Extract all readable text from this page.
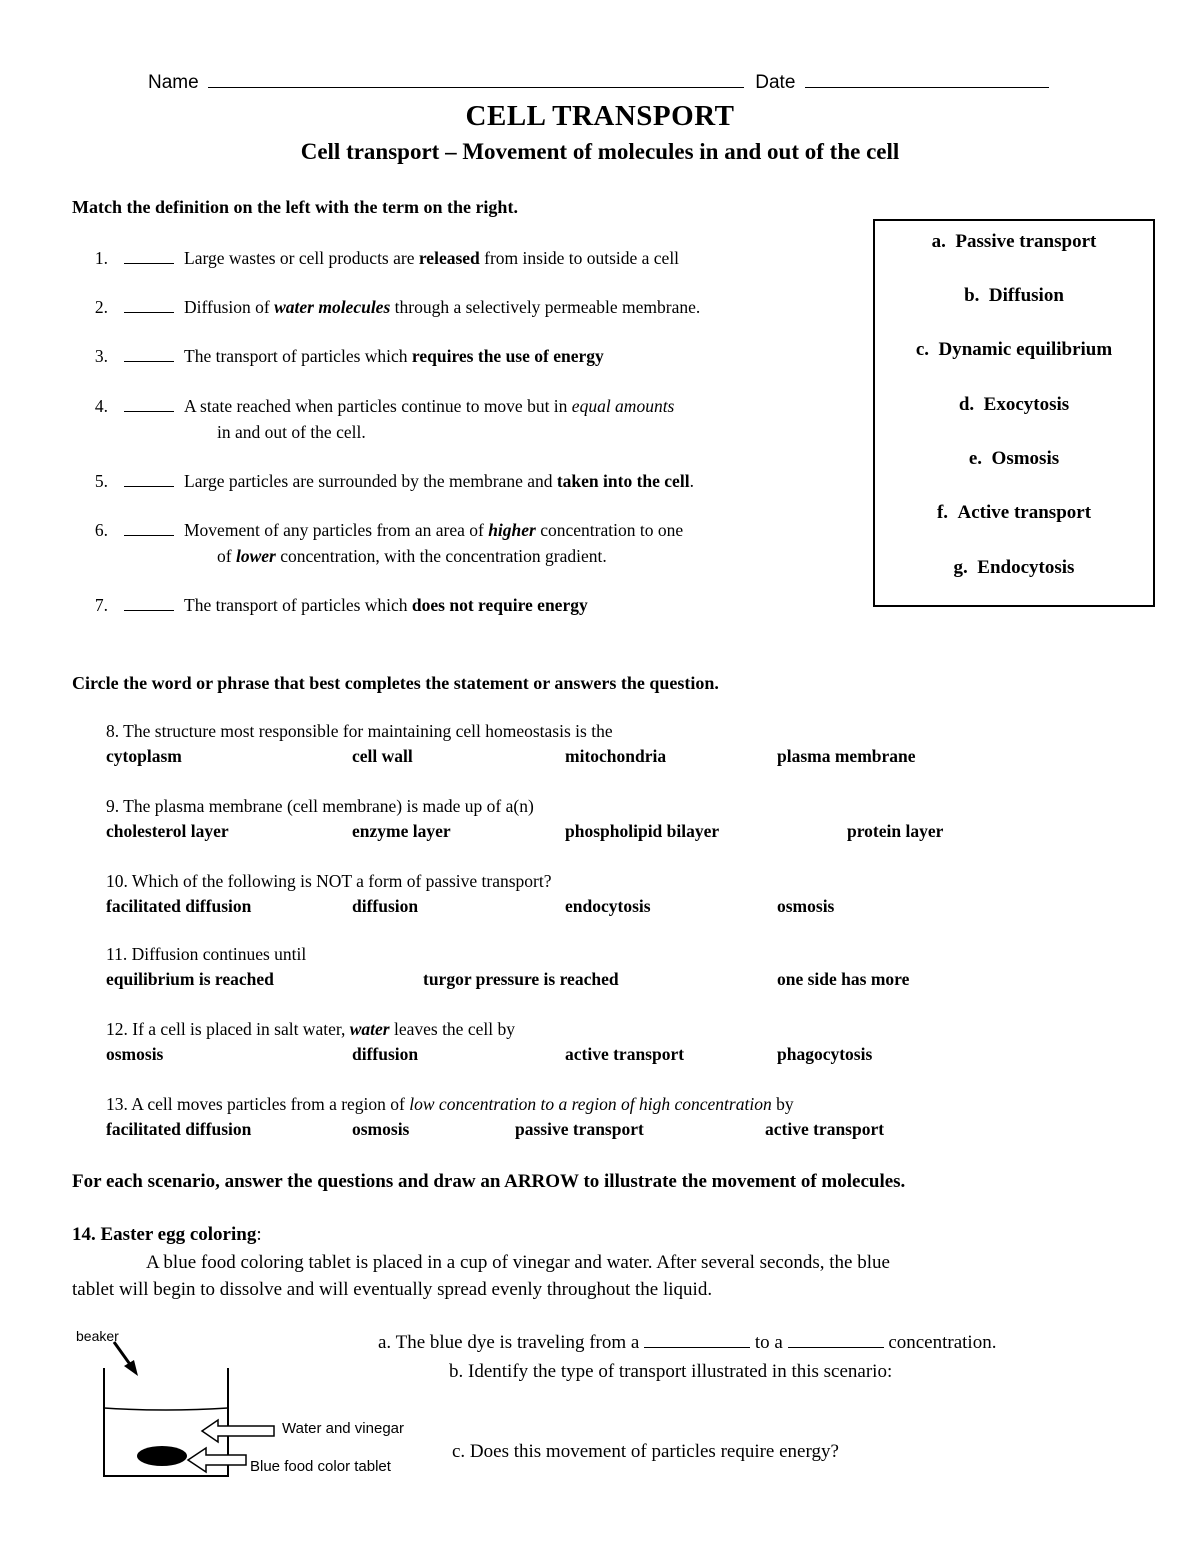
Name	Date
CELL TRANSPORT
Cell transport – Movement of molecules in and out of the cell
Match the definition on the left with the term on the right.
1.	Large wastes or cell products are released from inside to outside a cell
2.	Diffusion of water molecules through a selectively permeable membrane.
3.	The transport of particles which requires the use of energy
4.	A state reached when particles continue to move but in equal amounts
in and out of the cell.
5.	Large particles are surrounded by the membrane and taken into the cell.
6.	Movement of any particles from an area of higher concentration to one
of lower concentration, with the concentration gradient.
7.	The transport of particles which does not require energy
a. Passive transport
b. Diffusion
c. Dynamic equilibrium
d. Exocytosis
e. Osmosis
f. Active transport
g. Endocytosis
Circle the word or phrase that best completes the statement or answers the question.
8. The structure most responsible for maintaining cell homeostasis is the
cytoplasm	cell wall	mitochondria	plasma membrane
9. The plasma membrane (cell membrane) is made up of a(n)
cholesterol layer	enzyme layer	phospholipid bilayer	protein layer
10. Which of the following is NOT a form of passive transport?
facilitated diffusion	diffusion	endocytosis	osmosis
11. Diffusion continues until
equilibrium is reached	turgor pressure is reached	one side has more
12. If a cell is placed in salt water, water leaves the cell by
osmosis	diffusion	active transport	phagocytosis
13. A cell moves particles from a region of low concentration to a region of high concentration by
facilitated diffusion	osmosis	passive transport	active transport
For each scenario, answer the questions and draw an ARROW to illustrate the movement of molecules.
14. Easter egg coloring:
A blue food coloring tablet is placed in a cup of vinegar and water. After several seconds, the blue
tablet will begin to dissolve and will eventually spread evenly throughout the liquid.
a. The blue dye is traveling from a	to a	concentration.
b. Identify the type of transport illustrated in this scenario:
c. Does this movement of particles require energy?
beaker
Water and vinegar
Blue food color tablet
